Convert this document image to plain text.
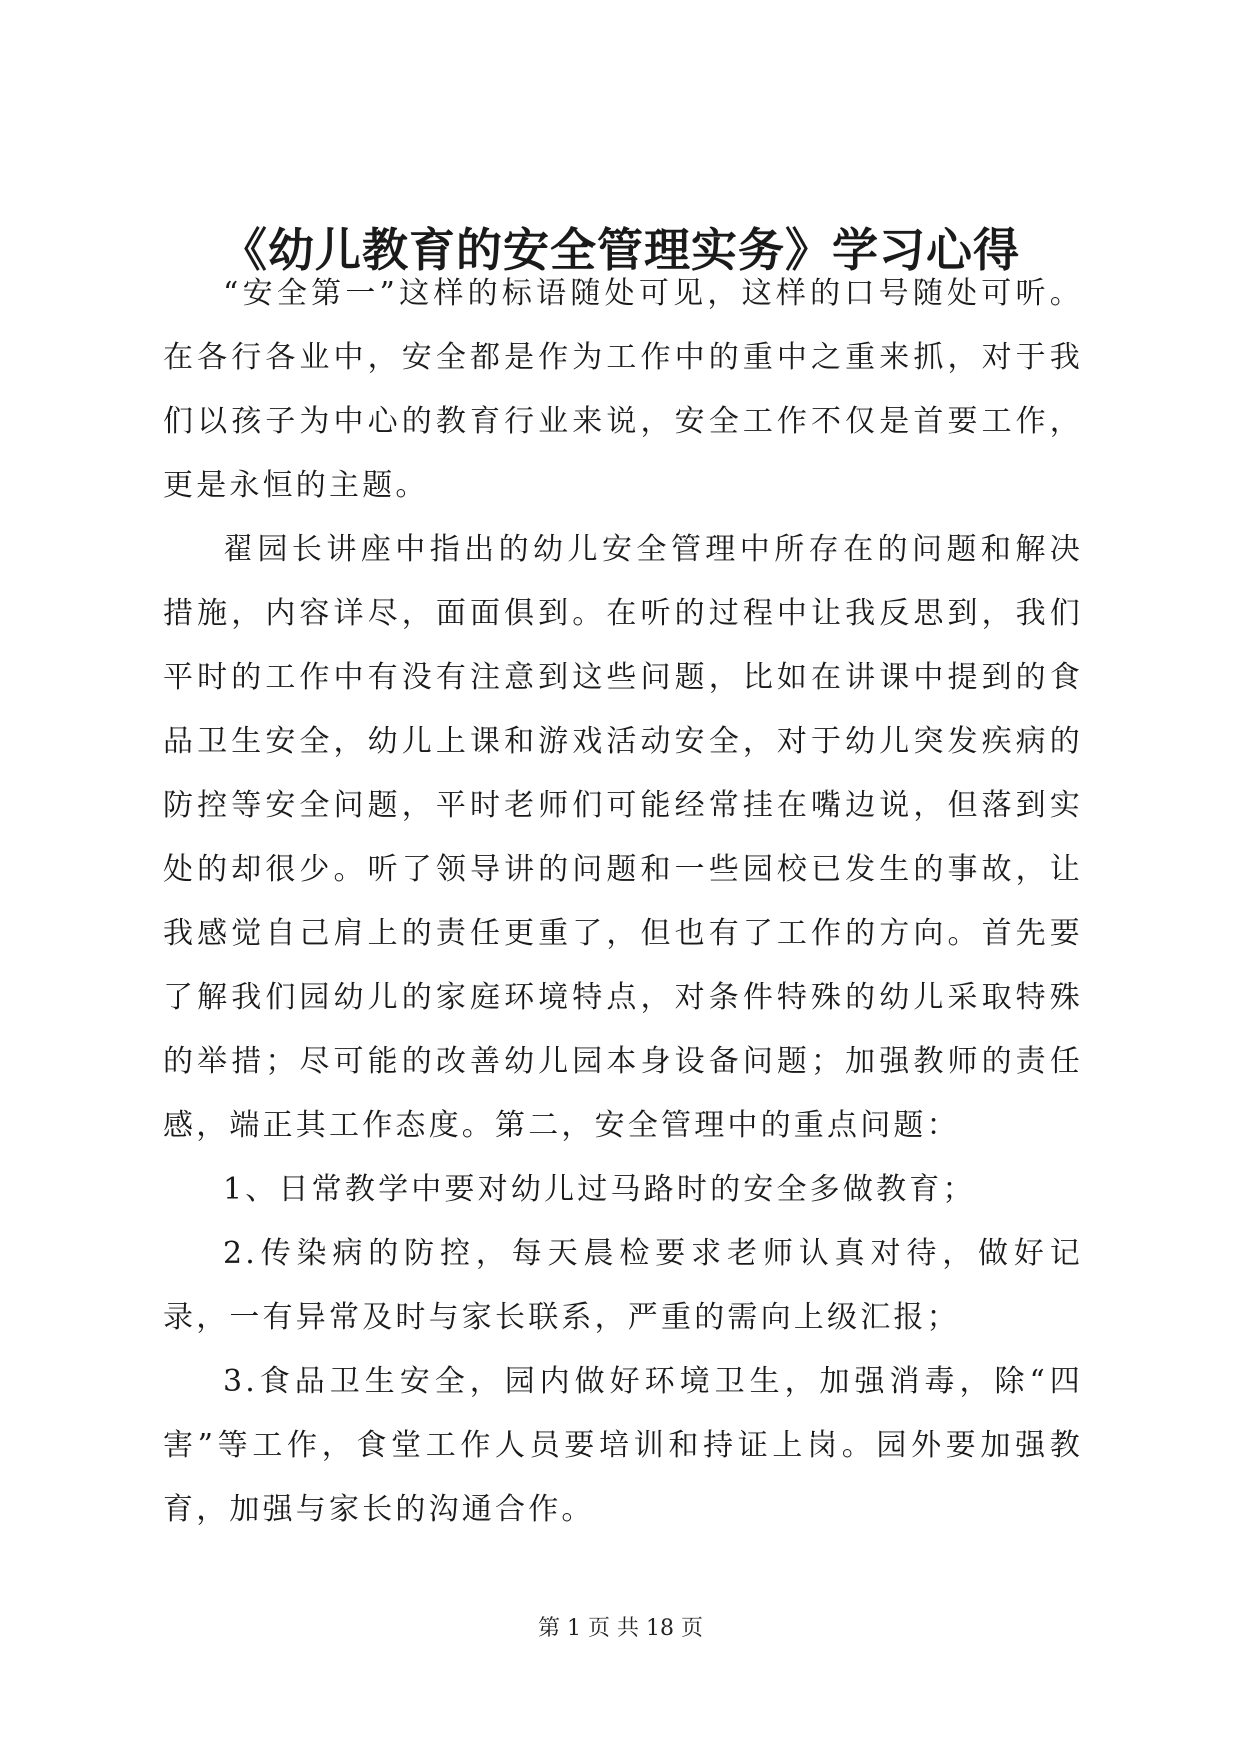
《幼儿教育的安全管理实务》学习心得

“安全第一”这样的标语随处可见，这样的口号随处可听。在各行各业中，安全都是作为工作中的重中之重来抓，对于我们以孩子为中心的教育行业来说，安全工作不仅是首要工作，更是永恒的主题。

翟园长讲座中指出的幼儿安全管理中所存在的问题和解决措施，内容详尽，面面俱到。在听的过程中让我反思到，我们平时的工作中有没有注意到这些问题，比如在讲课中提到的食品卫生安全，幼儿上课和游戏活动安全，对于幼儿突发疾病的防控等安全问题，平时老师们可能经常挂在嘴边说，但落到实处的却很少。听了领导讲的问题和一些园校已发生的事故，让我感觉自己肩上的责任更重了，但也有了工作的方向。首先要了解我们园幼儿的家庭环境特点，对条件特殊的幼儿采取特殊的举措；尽可能的改善幼儿园本身设备问题；加强教师的责任感，端正其工作态度。第二，安全管理中的重点问题：

1、日常教学中要对幼儿过马路时的安全多做教育；

2.传染病的防控，每天晨检要求老师认真对待，做好记录，一有异常及时与家长联系，严重的需向上级汇报；

3.食品卫生安全，园内做好环境卫生，加强消毒，除“四害”等工作，食堂工作人员要培训和持证上岗。园外要加强教育，加强与家长的沟通合作。

第 1 页 共 18 页
